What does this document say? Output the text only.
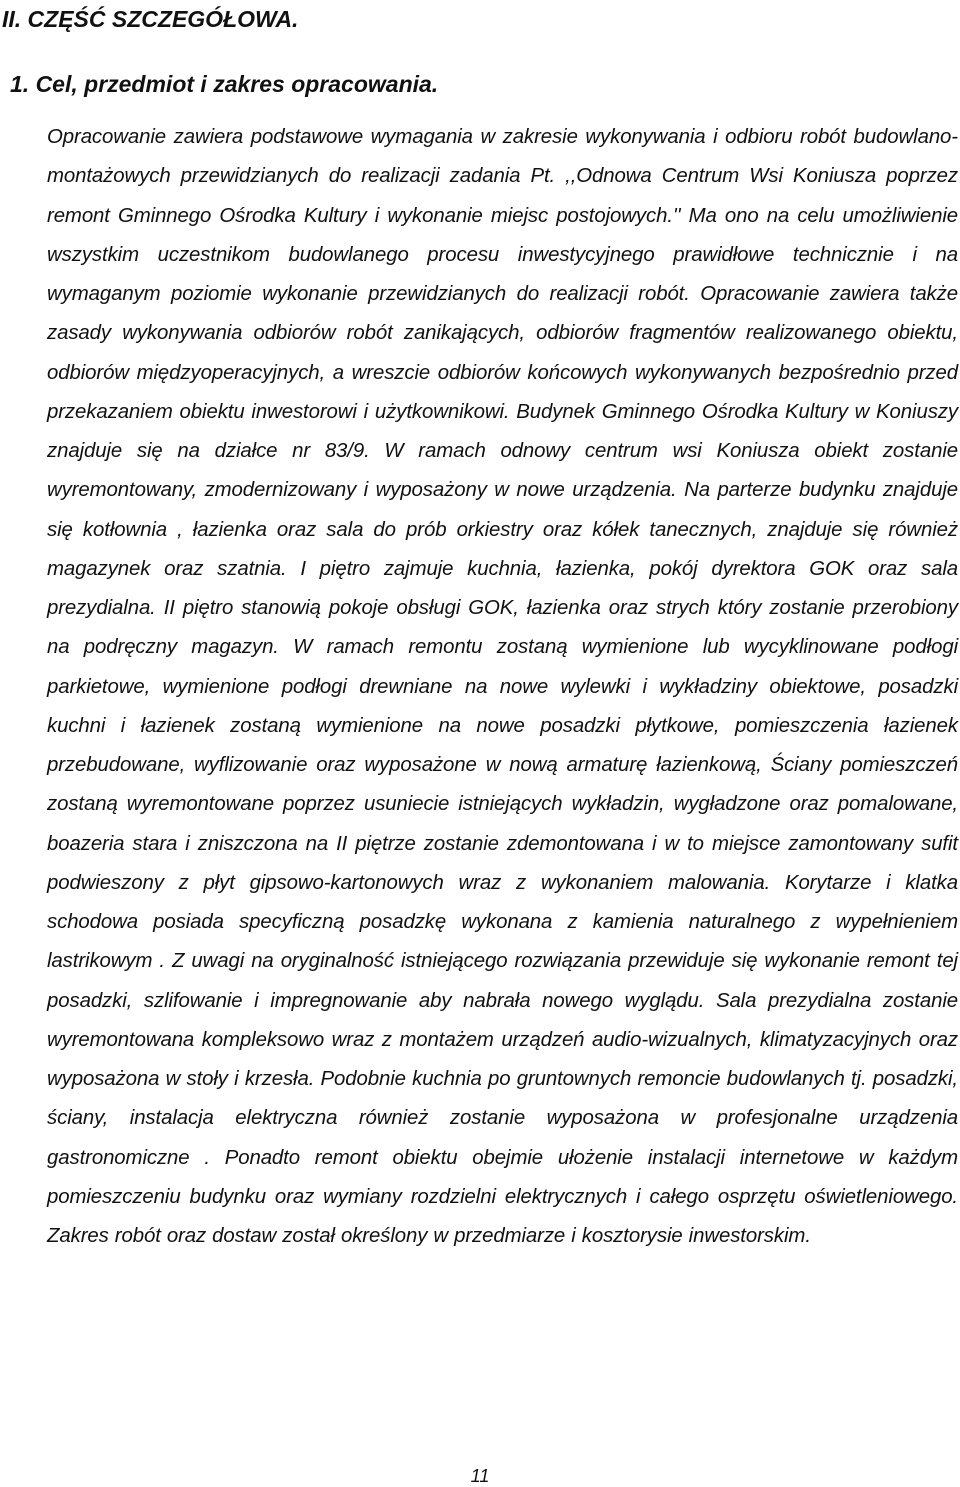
II. CZĘŚĆ SZCZEGÓŁOWA.
1. Cel, przedmiot i zakres opracowania.

Opracowanie zawiera podstawowe wymagania w zakresie wykonywania i odbioru robót budowlano-montażowych przewidzianych do realizacji zadania Pt. ,,Odnowa Centrum Wsi Koniusza poprzez remont Gminnego Ośrodka Kultury i wykonanie miejsc postojowych.'' Ma ono na celu umożliwienie wszystkim uczestnikom budowlanego procesu inwestycyjnego prawidłowe technicznie i na wymaganym poziomie wykonanie przewidzianych do realizacji robót. Opracowanie zawiera także zasady wykonywania odbiorów robót zanikających, odbiorów fragmentów realizowanego obiektu, odbiorów międzyoperacyjnych, a wreszcie odbiorów końcowych wykonywanych bezpośrednio przed przekazaniem obiektu inwestorowi i użytkownikowi. Budynek Gminnego Ośrodka Kultury w Koniuszy znajduje się na działce nr 83/9. W ramach odnowy centrum wsi Koniusza obiekt zostanie wyremontowany, zmodernizowany i wyposażony w nowe urządzenia. Na parterze budynku znajduje się kotłownia , łazienka oraz sala do prób orkiestry oraz kółek tanecznych, znajduje się również magazynek oraz szatnia. I piętro zajmuje kuchnia, łazienka, pokój dyrektora GOK oraz sala prezydialna. II piętro stanowią pokoje obsługi GOK, łazienka oraz strych który zostanie przerobiony na podręczny magazyn. W ramach remontu zostaną wymienione lub wycyklinowane podłogi parkietowe, wymienione podłogi drewniane na nowe wylewki i wykładziny obiektowe, posadzki kuchni i łazienek zostaną wymienione na nowe posadzki płytkowe, pomieszczenia łazienek przebudowane, wyflizowanie oraz wyposażone w nową armaturę łazienkową, Ściany pomieszczeń zostaną wyremontowane poprzez usuniecie istniejących wykładzin, wygładzone oraz pomalowane, boazeria stara i zniszczona na II piętrze zostanie zdemontowana i w to miejsce zamontowany sufit podwieszony z płyt gipsowo-kartonowych wraz z wykonaniem malowania. Korytarze i klatka schodowa posiada specyficzną posadzkę wykonana z kamienia naturalnego z wypełnieniem lastrikowym . Z uwagi na oryginalność istniejącego rozwiązania przewiduje się wykonanie remont tej posadzki, szlifowanie i impregnowanie aby nabrała nowego wyglądu. Sala prezydialna zostanie wyremontowana kompleksowo wraz z montażem urządzeń audio-wizualnych, klimatyzacyjnych oraz wyposażona w stoły i krzesła. Podobnie kuchnia po gruntownych remoncie budowlanych tj. posadzki, ściany, instalacja elektryczna również zostanie wyposażona w profesjonalne urządzenia gastronomiczne . Ponadto remont obiektu obejmie ułożenie instalacji internetowe w każdym pomieszczeniu budynku oraz wymiany rozdzielni elektrycznych i całego osprzętu oświetleniowego. Zakres robót oraz dostaw został określony w przedmiarze i kosztorysie inwestorskim.

11
